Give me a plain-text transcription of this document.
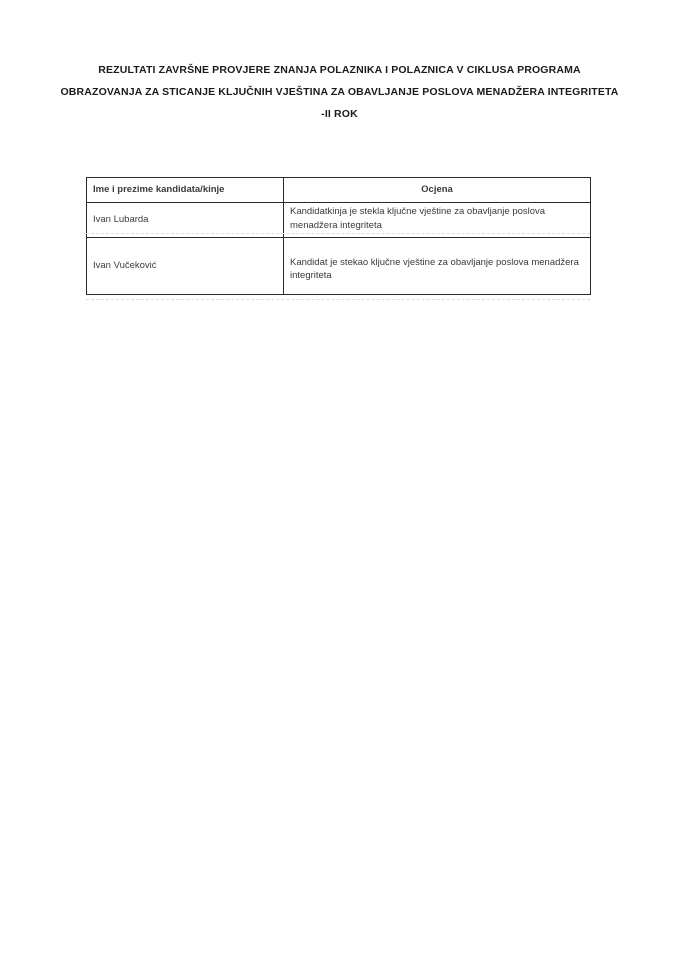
REZULTATI ZAVRŠNE PROVJERE ZNANJA POLAZNIKA I POLAZNICA V CIKLUSA PROGRAMA OBRAZOVANJA ZA STICANJE KLJUČNIH VJEŠTINA ZA OBAVLJANJE POSLOVA MENADŽERA INTEGRITETA -II ROK
Ime i prezime kandidata/kinje	Ocjena
Ivan Lubarda	Kandidatkinja je stekla ključne vještine za obavljanje poslova menadžera integriteta
Ivan Vučeković	Kandidat je stekao ključne vještine za obavljanje poslova menadžera integriteta
